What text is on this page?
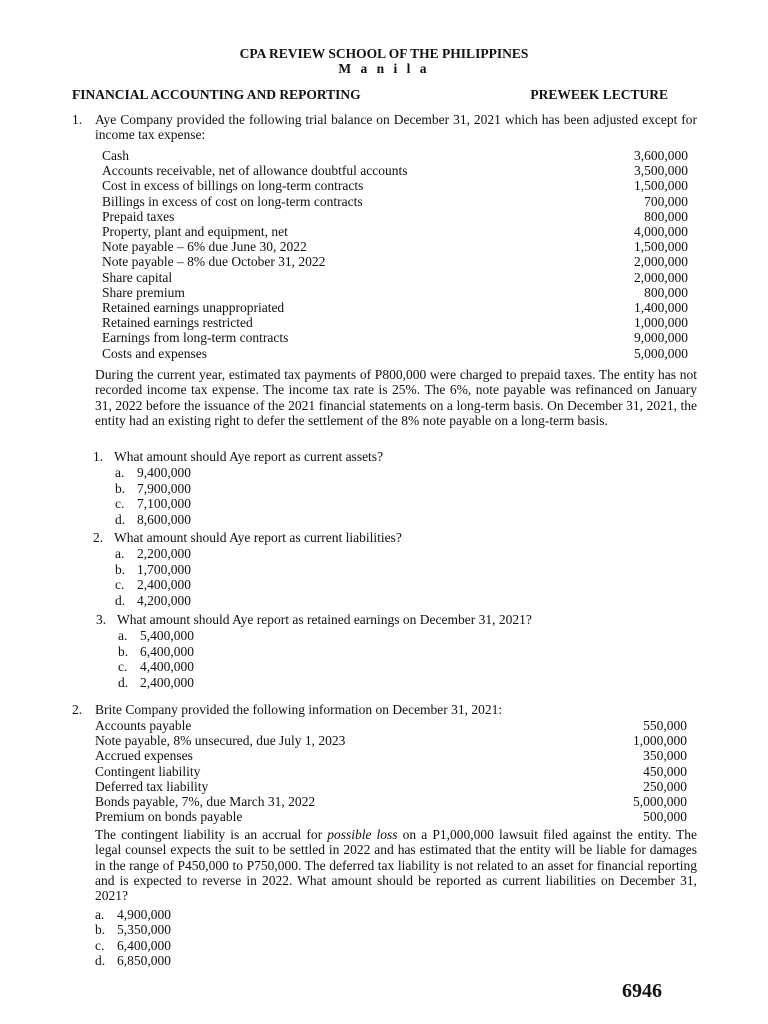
CPA REVIEW SCHOOL OF THE PHILIPPINES
M a n i l a
FINANCIAL ACCOUNTING AND REPORTING	PREWEEK LECTURE
1. Aye Company provided the following trial balance on December 31, 2021 which has been adjusted except for income tax expense:
During the current year, estimated tax payments of P800,000 were charged to prepaid taxes. The entity has not recorded income tax expense. The income tax rate is 25%. The 6%, note payable was refinanced on January 31, 2022 before the issuance of the 2021 financial statements on a long-term basis. On December 31, 2021, the entity had an existing right to defer the settlement of the 8% note payable on a long-term basis.
2. Brite Company provided the following information on December 31, 2021:
The contingent liability is an accrual for possible loss on a P1,000,000 lawsuit filed against the entity. The legal counsel expects the suit to be settled in 2022 and has estimated that the entity will be liable for damages in the range of P450,000 to P750,000. The deferred tax liability is not related to an asset for financial reporting and is expected to reverse in 2022. What amount should be reported as current liabilities on December 31, 2021?
6946
Cash	3,600,000
Accounts receivable, net of allowance doubtful accounts	3,500,000
Cost in excess of billings on long-term contracts	1,500,000
Billings in excess of cost on long-term contracts	700,000
Prepaid taxes	800,000
Property, plant and equipment, net	4,000,000
Note payable – 6% due June 30, 2022	1,500,000
Note payable – 8% due October 31, 2022	2,000,000
Share capital	2,000,000
Share premium	800,000
Retained earnings unappropriated	1,400,000
Retained earnings restricted	1,000,000
Earnings from long-term contracts	9,000,000
Costs and expenses	5,000,000
1. What amount should Aye report as current assets?
a. 9,400,000
b. 7,900,000
c. 7,100,000
d. 8,600,000
2. What amount should Aye report as current liabilities?
a. 2,200,000
b. 1,700,000
c. 2,400,000
d. 4,200,000
3. What amount should Aye report as retained earnings on December 31, 2021?
a. 5,400,000
b. 6,400,000
c. 4,400,000
d. 2,400,000
Accounts payable	550,000
Note payable, 8% unsecured, due July 1, 2023	1,000,000
Accrued expenses	350,000
Contingent liability	450,000
Deferred tax liability	250,000
Bonds payable, 7%, due March 31, 2022	5,000,000
Premium on bonds payable	500,000
a. 4,900,000
b. 5,350,000
c. 6,400,000
d. 6,850,000
